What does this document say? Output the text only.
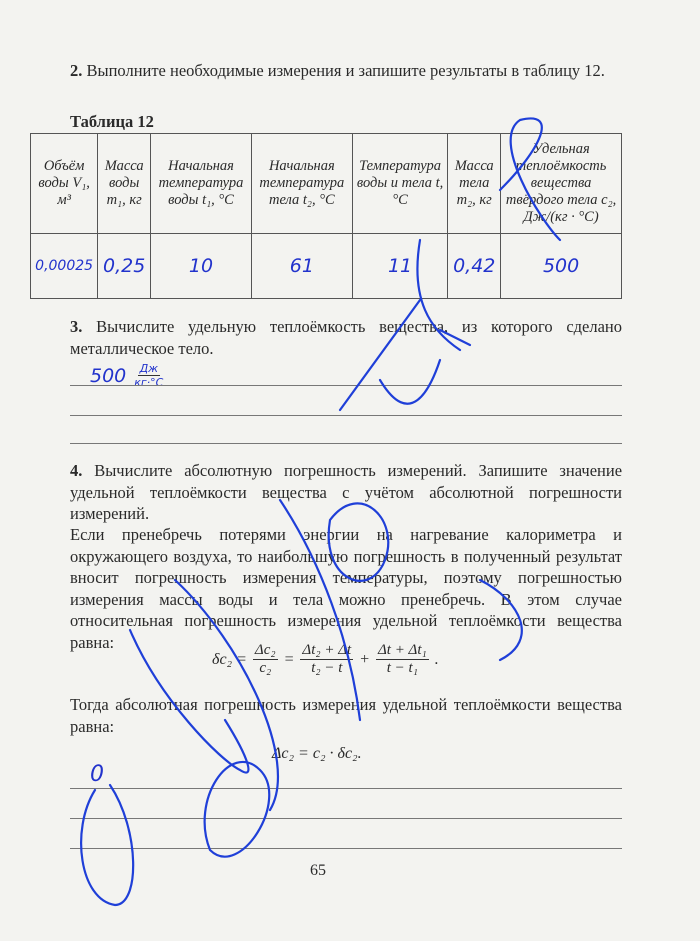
2. Выполните необходимые измерения и запишите результаты в таблицу 12.
Таблица 12
Объём воды V₁, м³	Масса воды m₁, кг	Начальная температура воды t₁, °С	Начальная температура тела t₂, °С	Температура воды и тела t, °С	Масса тела m₂, кг	Удельная теплоёмкость вещества твёрдого тела c₂, Дж/(кг · °С)
0,00025	0,25	10	61	11	0,42	500
3. Вычислите удельную теплоёмкость вещества, из которого сделано металлическое тело.
$500 \frac{Дж}{кг\cdot^\circ С}$
4. Вычислите абсолютную погрешность измерений. Запишите значение удельной теплоёмкости вещества с учётом абсолютной погрешности измерений.
Если пренебречь потерями энергии на нагревание калориметра и окружающего воздуха, то наибольшую погрешность в полученный результат вносит погрешность измерения температуры, поэтому погрешностью измерения массы воды и тела можно пренебречь. В этом случае относительная погрешность измерения удельной теплоёмкости вещества равна:
$\delta c_2 = \frac{\text{Δc₂}}{\text{c₂}} = \frac{\text{Δt₂ + Δt}}{\text{t₂ − t}} + \frac{\text{Δt + Δt₁}}{\text{t − t₁}}$ .
Тогда абсолютная погрешность измерения удельной теплоёмкости вещества равна:
Δc₂ = c₂ · δc₂.
0
65
